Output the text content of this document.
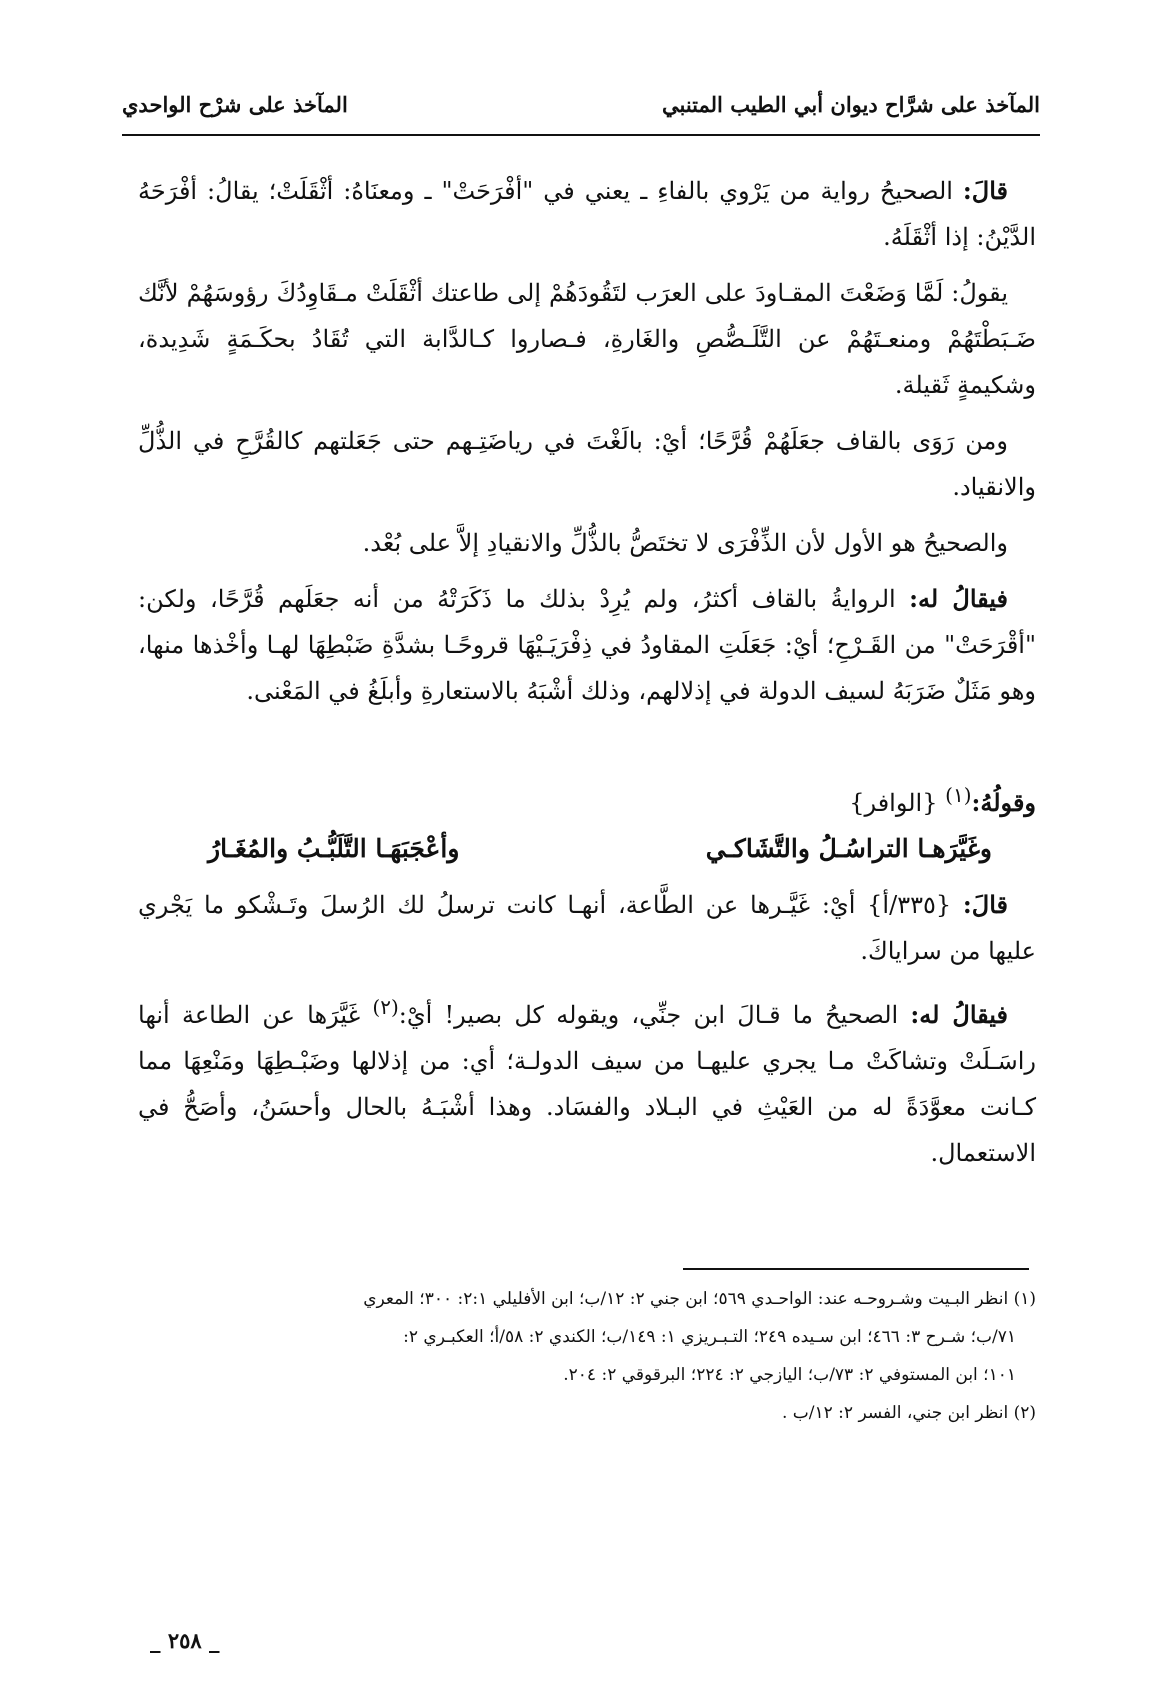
المآخذ على شرَّاح ديوان أبي الطيب المتنبي
المآخذ على شرْح الواحدي

قالَ: الصحيحُ رواية من يَرْوي بالفاءِ ـ يعني في "أفْرَحَتْ" ـ ومعنَاهُ: أثْقَلَتْ؛ يقالُ: أفْرَحَهُ الدَّيْنُ: إذا أثْقَلَهُ.

يقولُ: لَمَّا وَضَعْتَ المقـاودَ على العرَب لتَقُودَهُمْ إلى طاعتك أثْقَلَتْ مـقَاوِدُكَ رؤوسَهُمْ لأنَّك ضَـبَطْتَهُمْ ومنعـتَهُمْ عن التَّلَـصُّصِ والغَارةِ، فـصاروا كـالدَّابة التي تُقَادُ بحكَـمَةٍ شَدِيدة، وشكيمةٍ ثَقيلة.

ومن رَوَى بالقاف جعَلَهُمْ قُرَّحًا؛ أيْ: بالَغْتَ في رياضَتِـهم حتى جَعَلتهم كالقُرَّحِ في الذُّلِّ والانقياد.

والصحيحُ هو الأول لأن الذِّفْرَى لا تختَصُّ بالذُّلِّ والانقيادِ إلاَّ على بُعْد.

فيقالُ له: الروايةُ بالقاف أكثرُ، ولم يُرِدْ بذلك ما ذَكَرَتْهُ من أنه جعَلَهم قُرَّحًا، ولكن: "أقْرَحَتْ" من القَـرْحِ؛ أيْ: جَعَلَتِ المقاودُ في ذِفْرَيَـيْهَا قروحًـا بشدَّةِ ضَبْطِهَا لهـا وأخْذها منها، وهو مَثَلٌ ضَرَبَهُ لسيف الدولة في إذلالهم، وذلك أشْبَهُ بالاستعارةِ وأبلَغُ في المَعْنى.

وقولُهُ:$^{(١)}$ {الوافر}

وغَيَّرَهـا التراسُـلُ والتَّشَاكـي
وأعْجَبَهَـا التَّلَبُّـبُ والمُغَـارُ

قالَ: {٣٣٥/أ} أيْ: غَيَّـرها عن الطَّاعة، أنهـا كانت ترسلُ لك الرُسلَ وتَـشْكو ما يَجْري عليها من سراياكَ.

فيقالُ له: الصحيحُ ما قـالَ ابن جنِّي، ويقوله كل بصير! أيْ:$^{(٢)}$ غَيَّرَها عن الطاعة أنها راسَـلَتْ وتشاكَتْ مـا يجري عليهـا من سيف الدولـة؛ أي: من إذلالها وضَبْـطِهَا ومَنْعِهَا مما كـانت معوَّدَةً له من العَيْثِ في البـلاد والفسَاد. وهذا أشْبَـهُ بالحال وأحسَنُ، وأصَحُّ في الاستعمال.

(١) انظر البـيت وشـروحـه عند: الواحـدي ٥٦٩؛ ابن جني ٢: ١٢/ب؛ ابن الأفليلي ٢:١: ٣٠٠؛ المعري

٧١/ب؛ شـرح ٣: ٤٦٦؛ ابن سـيده ٢٤٩؛ التـبـريزي ١: ١٤٩/ب؛ الكندي ٢: ٥٨/أ؛ العكبـري ٢:

١٠١؛ ابن المستوفي ٢: ٧٣/ب؛ اليازجي ٢: ٢٢٤؛ البرقوقي ٢: ٢٠٤.

(٢) انظر ابن جني، الفسر ٢: ١٢/ب .

_ ٢٥٨ _
